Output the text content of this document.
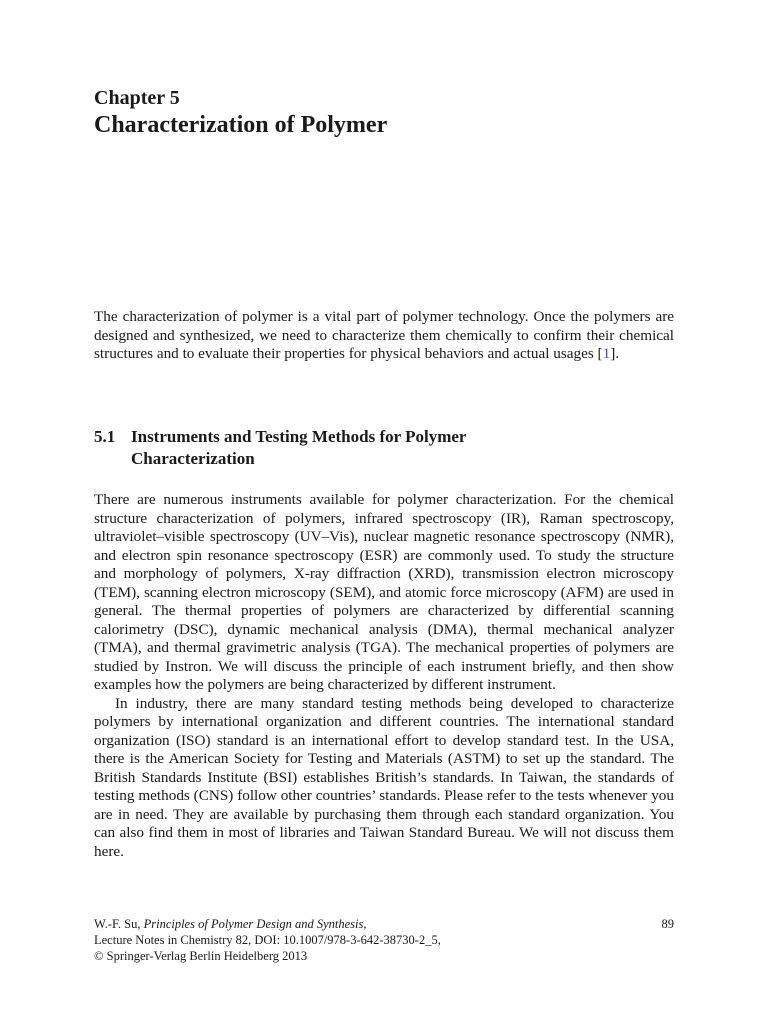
Chapter 5
Characterization of Polymer

The characterization of polymer is a vital part of polymer technology. Once the polymers are designed and synthesized, we need to characterize them chemically to confirm their chemical structures and to evaluate their properties for physical behaviors and actual usages [1].

5.1 Instruments and Testing Methods for Polymer
Characterization

There are numerous instruments available for polymer characterization. For the chemical structure characterization of polymers, infrared spectroscopy (IR), Raman spectroscopy, ultraviolet–visible spectroscopy (UV–Vis), nuclear magnetic resonance spectroscopy (NMR), and electron spin resonance spectroscopy (ESR) are commonly used. To study the structure and morphology of polymers, X-ray diffraction (XRD), transmission electron microscopy (TEM), scanning electron microscopy (SEM), and atomic force microscopy (AFM) are used in general. The thermal properties of polymers are characterized by differential scanning calorimetry (DSC), dynamic mechanical analysis (DMA), thermal mechanical analyzer (TMA), and thermal gravimetric analysis (TGA). The mechanical properties of polymers are studied by Instron. We will discuss the principle of each instrument briefly, and then show examples how the polymers are being characterized by different instrument.

In industry, there are many standard testing methods being developed to characterize polymers by international organization and different countries. The international standard organization (ISO) standard is an international effort to develop standard test. In the USA, there is the American Society for Testing and Materials (ASTM) to set up the standard. The British Standards Institute (BSI) establishes British’s standards. In Taiwan, the standards of testing methods (CNS) follow other countries’ standards. Please refer to the tests whenever you are in need. They are available by purchasing them through each standard organization. You can also find them in most of libraries and Taiwan Standard Bureau. We will not discuss them here.

W.-F. Su, Principles of Polymer Design and Synthesis,	89
Lecture Notes in Chemistry 82, DOI: 10.1007/978-3-642-38730-2_5,
© Springer-Verlag Berlin Heidelberg 2013
